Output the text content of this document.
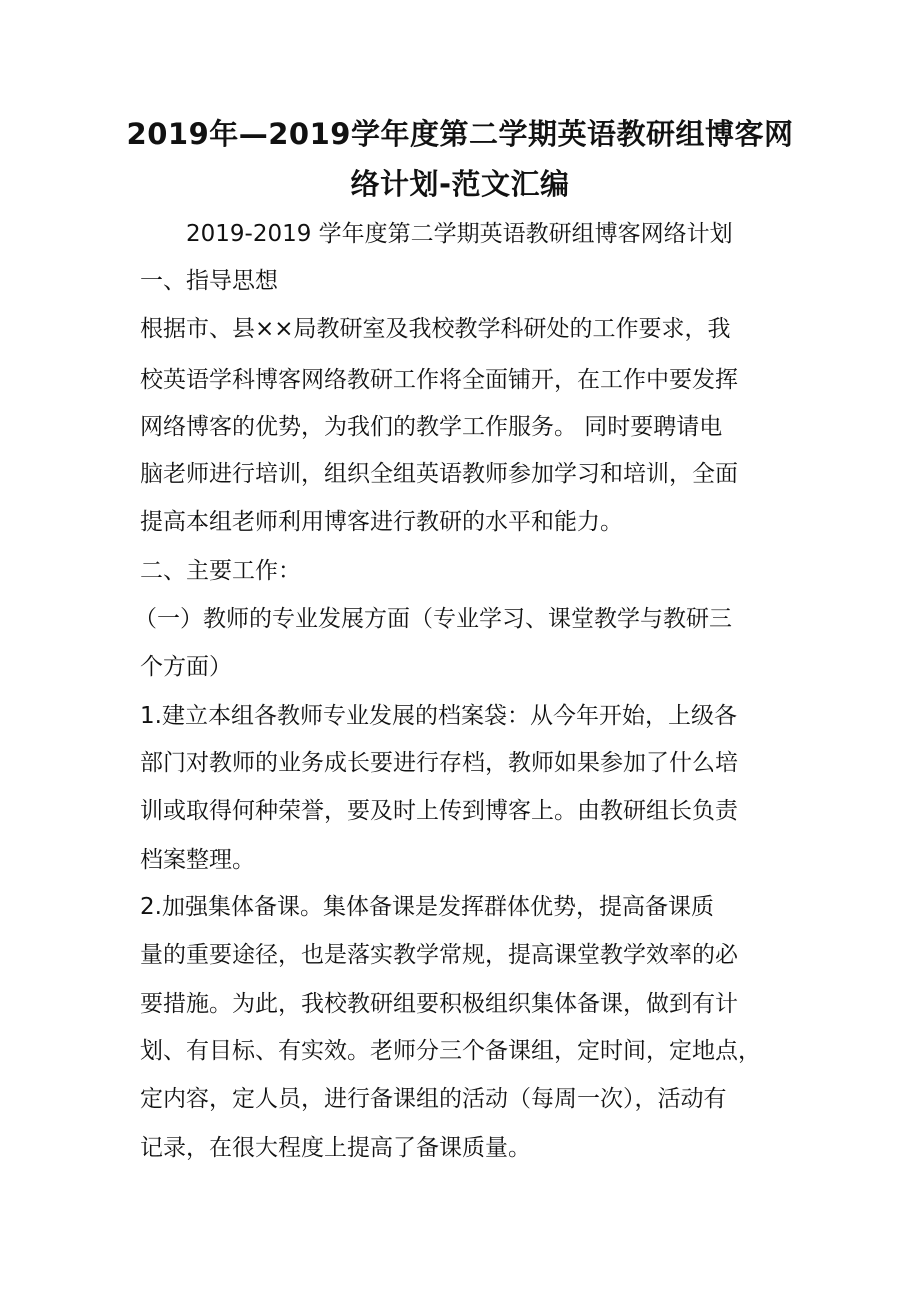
2019年—2019学年度第二学期英语教研组博客网
络计划-范文汇编
2019-2019 学年度第二学期英语教研组博客网络计划
一、指导思想
根据市、县××局教研室及我校教学科研处的工作要求，我
校英语学科博客网络教研工作将全面铺开，在工作中要发挥
网络博客的优势，为我们的教学工作服务。 同时要聘请电
脑老师进行培训，组织全组英语教师参加学习和培训，全面
提高本组老师利用博客进行教研的水平和能力。
二、主要工作：
（一）教师的专业发展方面（专业学习、课堂教学与教研三
个方面）
1.建立本组各教师专业发展的档案袋：从今年开始，上级各
部门对教师的业务成长要进行存档，教师如果参加了什么培
训或取得何种荣誉，要及时上传到博客上。由教研组长负责
档案整理。
2.加强集体备课。集体备课是发挥群体优势，提高备课质
量的重要途径，也是落实教学常规，提高课堂教学效率的必
要措施。为此，我校教研组要积极组织集体备课，做到有计
划、有目标、有实效。老师分三个备课组，定时间，定地点，
定内容，定人员，进行备课组的活动（每周一次），活动有
记录，在很大程度上提高了备课质量。
